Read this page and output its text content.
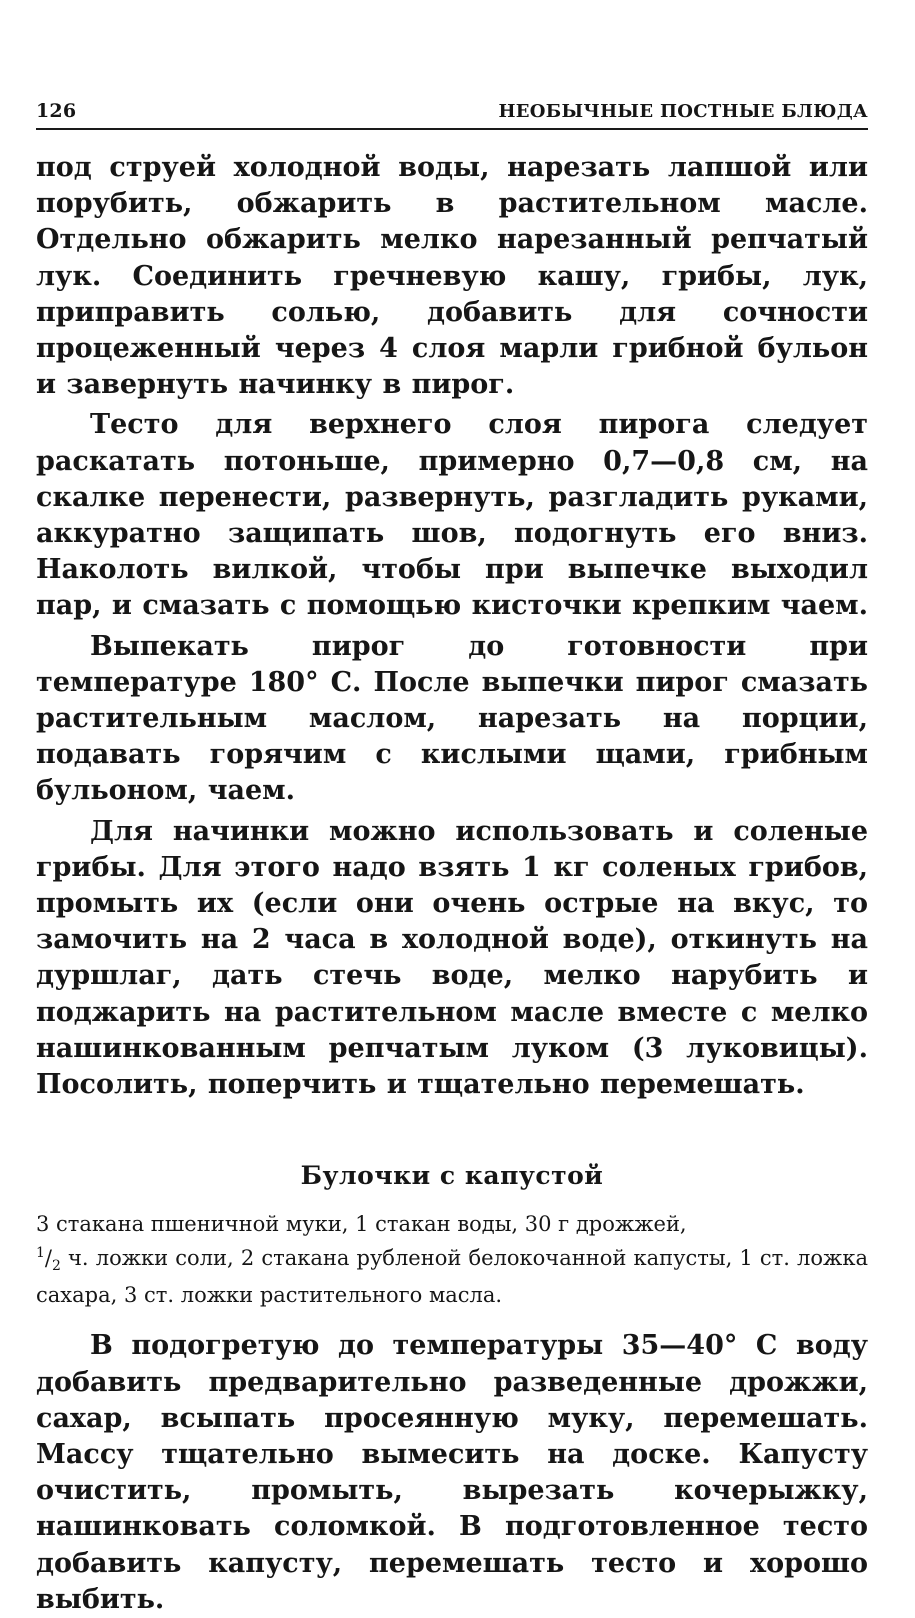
126	НЕОБЫЧНЫЕ ПОСТНЫЕ БЛЮДА

под струей холодной воды, нарезать лапшой или порубить, обжарить в растительном масле. Отдельно обжарить мелко нарезанный репчатый лук. Соединить гречневую кашу, грибы, лук, приправить солью, добавить для сочности процеженный через 4 слоя марли грибной бульон и завернуть начинку в пирог.

Тесто для верхнего слоя пирога следует раскатать потоньше, примерно 0,7—0,8 см, на скалке перенести, развернуть, разгладить руками, аккуратно защипать шов, подогнуть его вниз. Наколоть вилкой, чтобы при выпечке выходил пар, и смазать с помощью кисточки крепким чаем.

Выпекать пирог до готовности при температуре 180° С. После выпечки пирог смазать растительным маслом, нарезать на порции, подавать горячим с кислыми щами, грибным бульоном, чаем.

Для начинки можно использовать и соленые грибы. Для этого надо взять 1 кг соленых грибов, промыть их (если они очень острые на вкус, то замочить на 2 часа в холодной воде), откинуть на дуршлаг, дать стечь воде, мелко нарубить и поджарить на растительном масле вместе с мелко нашинкованным репчатым луком (3 луковицы). Посолить, поперчить и тщательно перемешать.

Булочки с капустой
3 стакана пшеничной муки, 1 стакан воды, 30 г дрожжей,
$^1/_2$ ч. ложки соли, 2 стакана рубленой белокочанной капусты, 1 ст. ложка сахара, 3 ст. ложки растительного масла.

В подогретую до температуры 35—40° С воду добавить предварительно разведенные дрожжи, сахар, всыпать просеянную муку, перемешать. Массу тщательно вымесить на доске. Капусту очистить, промыть, вырезать кочерыжку, нашинковать соломкой. В подготовленное тесто добавить капусту, перемешать тесто и хорошо выбить.
